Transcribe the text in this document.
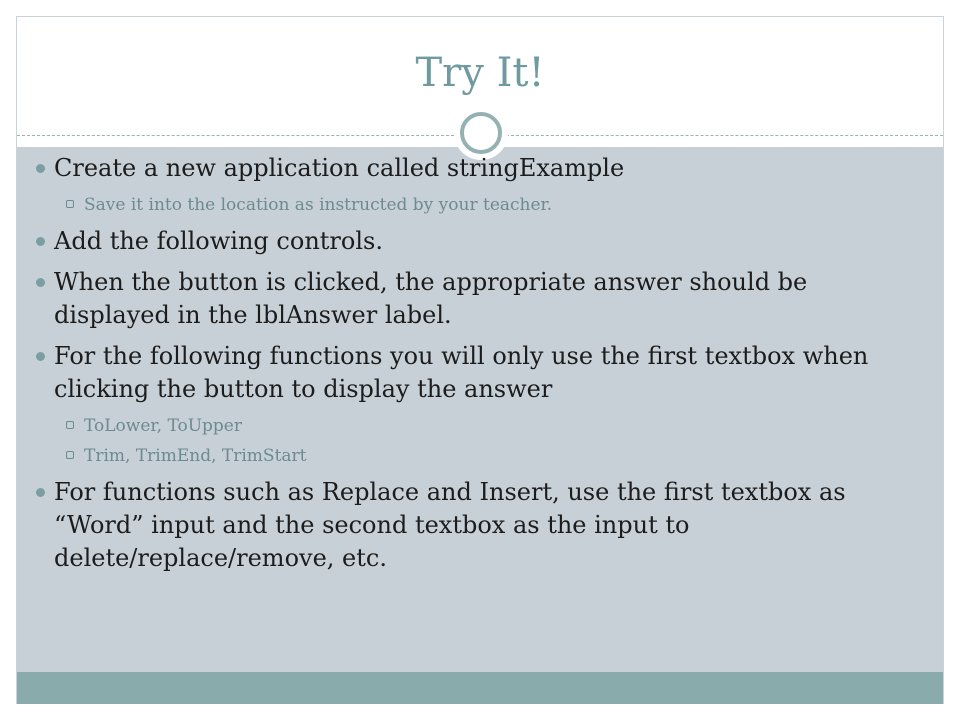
Try It!
Create a new application called stringExample
Save it into the location as instructed by your teacher.
Add the following controls.
When the button is clicked, the appropriate answer should be displayed in the lblAnswer label.
For the following functions you will only use the first textbox when clicking the button to display the answer
ToLower, ToUpper
Trim, TrimEnd, TrimStart
For functions such as Replace and Insert, use the first textbox as “Word” input and the second textbox as the input to delete/replace/remove, etc.
